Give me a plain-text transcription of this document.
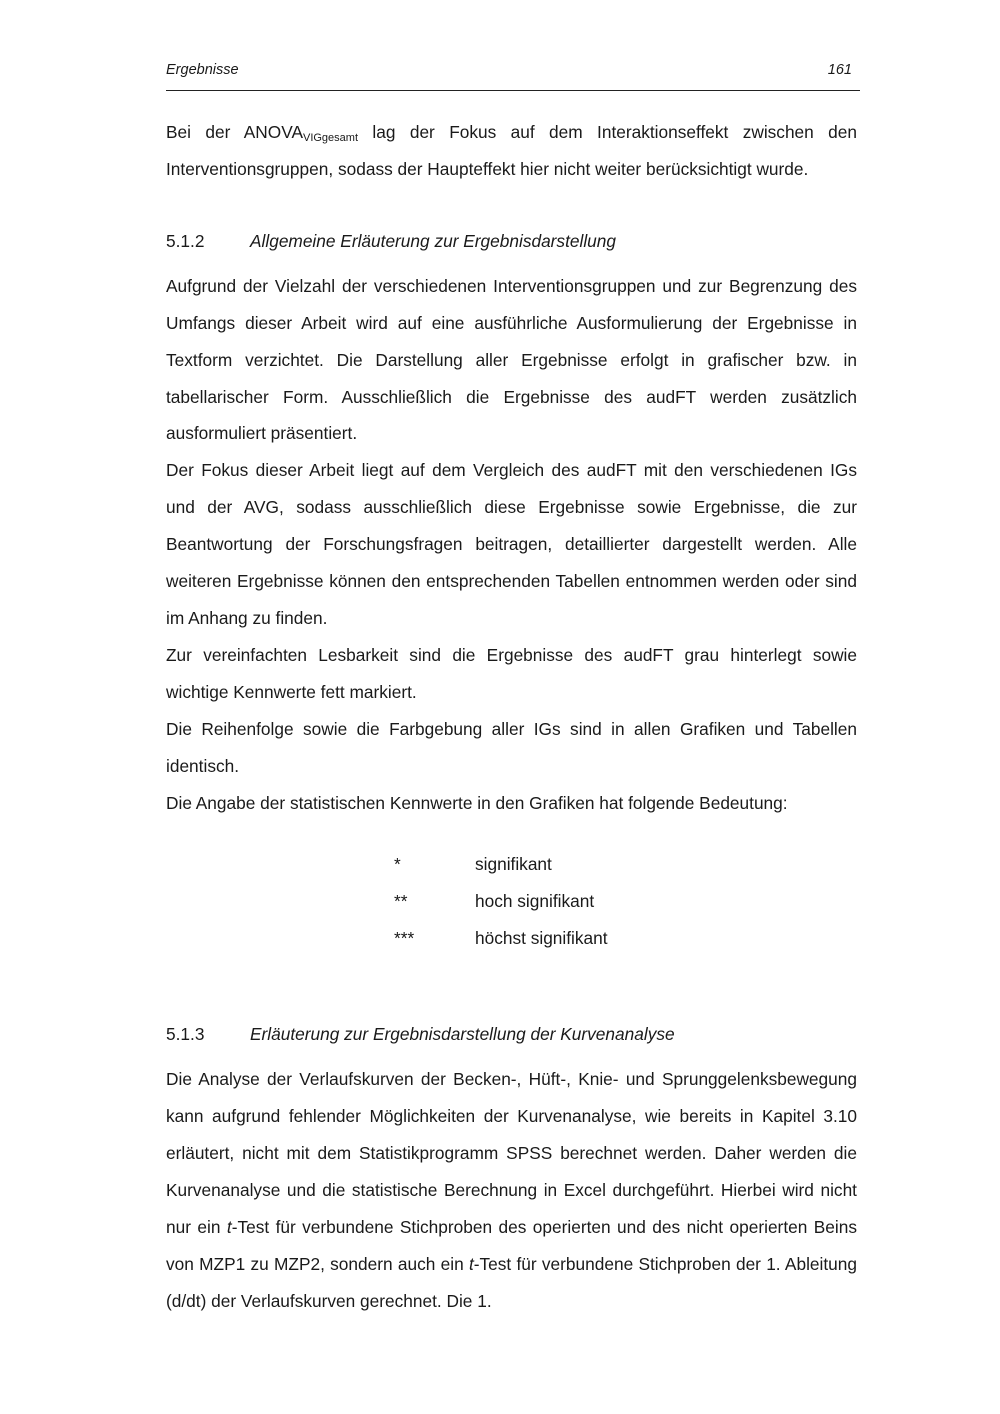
Ergebnisse	161

Bei der $ANOVA_{VIGgesamt}$ lag der Fokus auf dem Interaktionseffekt zwischen den Interventionsgruppen, sodass der Haupteffekt hier nicht weiter berücksichtigt wurde.

5.1.2	Allgemeine Erläuterung zur Ergebnisdarstellung

Aufgrund der Vielzahl der verschiedenen Interventionsgruppen und zur Begrenzung des Umfangs dieser Arbeit wird auf eine ausführliche Ausformulierung der Ergebnisse in Textform verzichtet. Die Darstellung aller Ergebnisse erfolgt in grafischer bzw. in tabellarischer Form. Ausschließlich die Ergebnisse des audFT werden zusätzlich ausformuliert präsentiert.

Der Fokus dieser Arbeit liegt auf dem Vergleich des audFT mit den verschiedenen IGs und der AVG, sodass ausschließlich diese Ergebnisse sowie Ergebnisse, die zur Beantwortung der Forschungsfragen beitragen, detaillierter dargestellt werden. Alle weiteren Ergebnisse können den entsprechenden Tabellen entnommen werden oder sind im Anhang zu finden.

Zur vereinfachten Lesbarkeit sind die Ergebnisse des audFT grau hinterlegt sowie wichtige Kennwerte fett markiert.

Die Reihenfolge sowie die Farbgebung aller IGs sind in allen Grafiken und Tabellen identisch.

Die Angabe der statistischen Kennwerte in den Grafiken hat folgende Bedeutung:

*	signifikant
**	hoch signifikant
***	höchst signifikant
5.1.3	Erläuterung zur Ergebnisdarstellung der Kurvenanalyse

Die Analyse der Verlaufskurven der Becken-, Hüft-, Knie- und Sprunggelenksbewegung kann aufgrund fehlender Möglichkeiten der Kurvenanalyse, wie bereits in Kapitel 3.10 erläutert, nicht mit dem Statistikprogramm SPSS berechnet werden. Daher werden die Kurvenanalyse und die statistische Berechnung in Excel durchgeführt. Hierbei wird nicht nur ein t-Test für verbundene Stichproben des operierten und des nicht operierten Beins von MZP1 zu MZP2, sondern auch ein t-Test für verbundene Stichproben der 1. Ableitung (d/dt) der Verlaufskurven gerechnet. Die 1.
